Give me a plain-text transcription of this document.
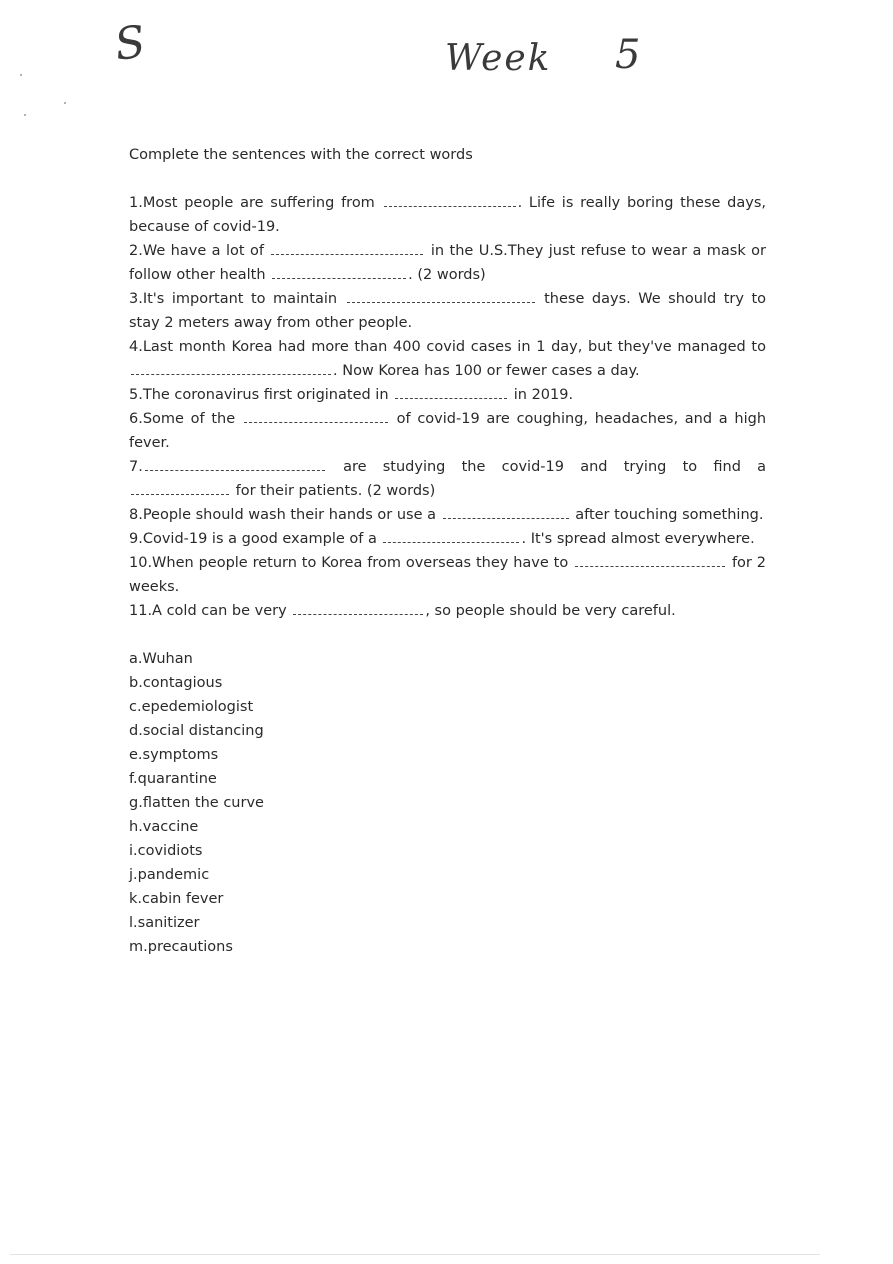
S	Week 5

Complete the sentences with the correct words

1.Most people are suffering from	. Life is really boring these days, because of covid-19.

2.We have a lot of	in the U.S.They just refuse to wear a mask or follow other health	. (2 words)

3.It's important to maintain	these days. We should try to stay 2 meters away from other people.

4.Last month Korea had more than 400 covid cases in 1 day, but they've managed to . Now Korea has 100 or fewer cases a day.

5.The coronavirus first originated in	in 2019.

6.Some of the	of covid-19 are coughing, headaches, and a high fever.

7.	are studying the covid-19 and trying to find a  for their patients. (2 words)

8.People should wash their hands or use a	after touching something.

9.Covid-19 is a good example of a	. It's spread almost everywhere.

10.When people return to Korea from overseas they have to	for 2 weeks.

11.A cold can be very	, so people should be very careful.

a.Wuhan
b.contagious
c.epedemiologist
d.social distancing
e.symptoms
f.quarantine
g.flatten the curve
h.vaccine
i.covidiots
j.pandemic
k.cabin fever
l.sanitizer
m.precautions
